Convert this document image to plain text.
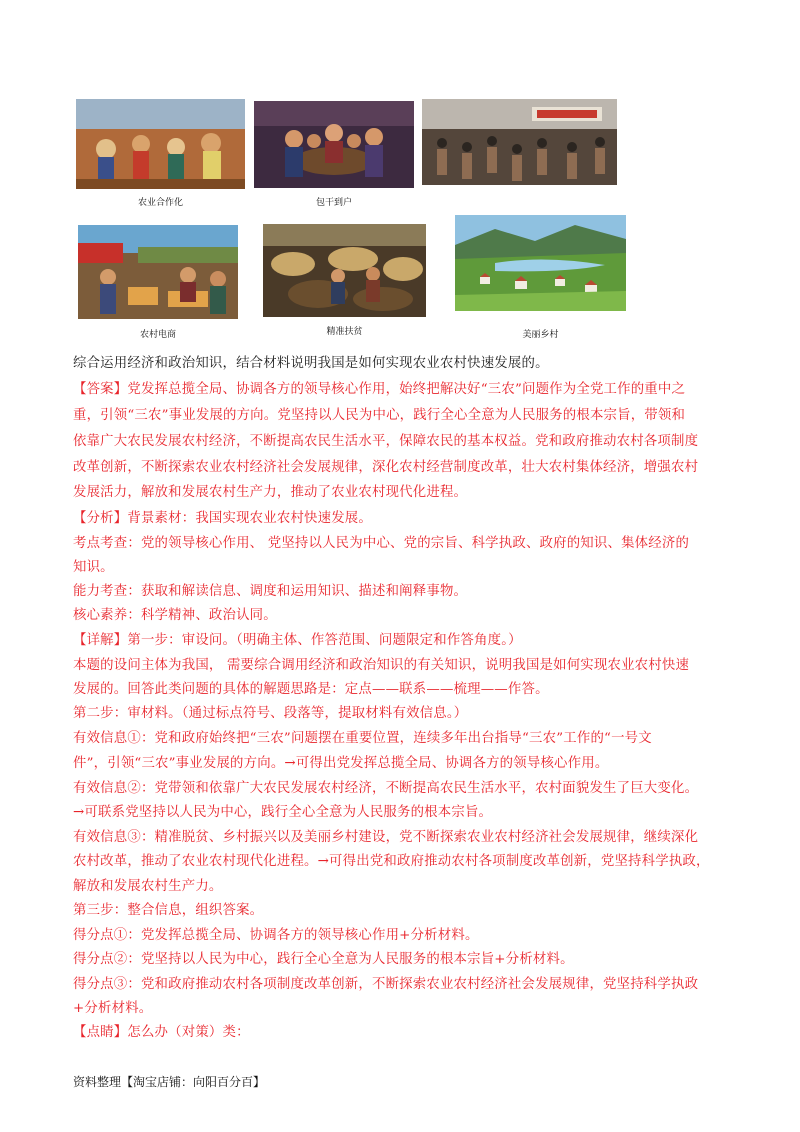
农业合作化	包干到户
农村电商	精准扶贫	美丽乡村
综合运用经济和政治知识，结合材料说明我国是如何实现农业农村快速发展的。
【答案】党发挥总揽全局、协调各方的领导核心作用，始终把解决好“三农”问题作为全党工作的重中之
重，引领“三农”事业发展的方向。党坚持以人民为中心，践行全心全意为人民服务的根本宗旨，带领和
依靠广大农民发展农村经济，不断提高农民生活水平，保障农民的基本权益。党和政府推动农村各项制度
改革创新，不断探索农业农村经济社会发展规律，深化农村经营制度改革，壮大农村集体经济，增强农村
发展活力，解放和发展农村生产力，推动了农业农村现代化进程。
【分析】背景素材：我国实现农业农村快速发展。
考点考查：党的领导核心作用、 党坚持以人民为中心、党的宗旨、科学执政、政府的知识、集体经济的
知识。
能力考查：获取和解读信息、调度和运用知识、描述和阐释事物。
核心素养：科学精神、政治认同。
【详解】第一步：审设问。（明确主体、作答范围、问题限定和作答角度。）
本题的设问主体为我国， 需要综合调用经济和政治知识的有关知识，说明我国是如何实现农业农村快速
发展的。回答此类问题的具体的解题思路是：定点——联系——梳理——作答。
第二步：审材料。（通过标点符号、段落等，提取材料有效信息。）
有效信息①：党和政府始终把“三农”问题摆在重要位置，连续多年出台指导“三农”工作的“一号文
件”，引领“三农”事业发展的方向。→可得出党发挥总揽全局、协调各方的领导核心作用。
有效信息②：党带领和依靠广大农民发展农村经济，不断提高农民生活水平，农村面貌发生了巨大变化。
→可联系党坚持以人民为中心，践行全心全意为人民服务的根本宗旨。
有效信息③：精准脱贫、乡村振兴以及美丽乡村建设，党不断探索农业农村经济社会发展规律，继续深化
农村改革，推动了农业农村现代化进程。→可得出党和政府推动农村各项制度改革创新，党坚持科学执政，
解放和发展农村生产力。
第三步：整合信息，组织答案。
得分点①：党发挥总揽全局、协调各方的领导核心作用+分析材料。
得分点②：党坚持以人民为中心，践行全心全意为人民服务的根本宗旨+分析材料。
得分点③：党和政府推动农村各项制度改革创新，不断探索农业农村经济社会发展规律，党坚持科学执政
+分析材料。
【点睛】怎么办（对策）类：
资料整理【淘宝店铺：向阳百分百】
